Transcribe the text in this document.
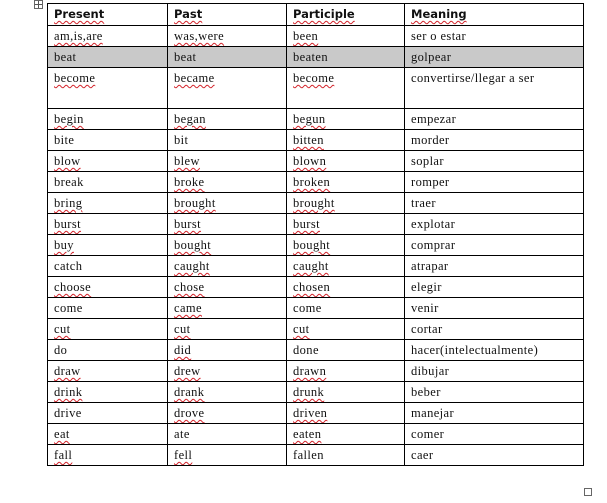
Present	Past	Participle	Meaning
am,is,are	was,were	been	ser o estar
beat	beat	beaten	golpear
become	became	become	convertirse/llegar a ser
begin	began	begun	empezar
bite	bit	bitten	morder
blow	blew	blown	soplar
break	broke	broken	romper
bring	brought	brought	traer
burst	burst	burst	explotar
buy	bought	bought	comprar
catch	caught	caught	atrapar
choose	chose	chosen	elegir
come	came	come	venir
cut	cut	cut	cortar
do	did	done	hacer(intelectualmente)
draw	drew	drawn	dibujar
drink	drank	drunk	beber
drive	drove	driven	manejar
eat	ate	eaten	comer
fall	fell	fallen	caer
